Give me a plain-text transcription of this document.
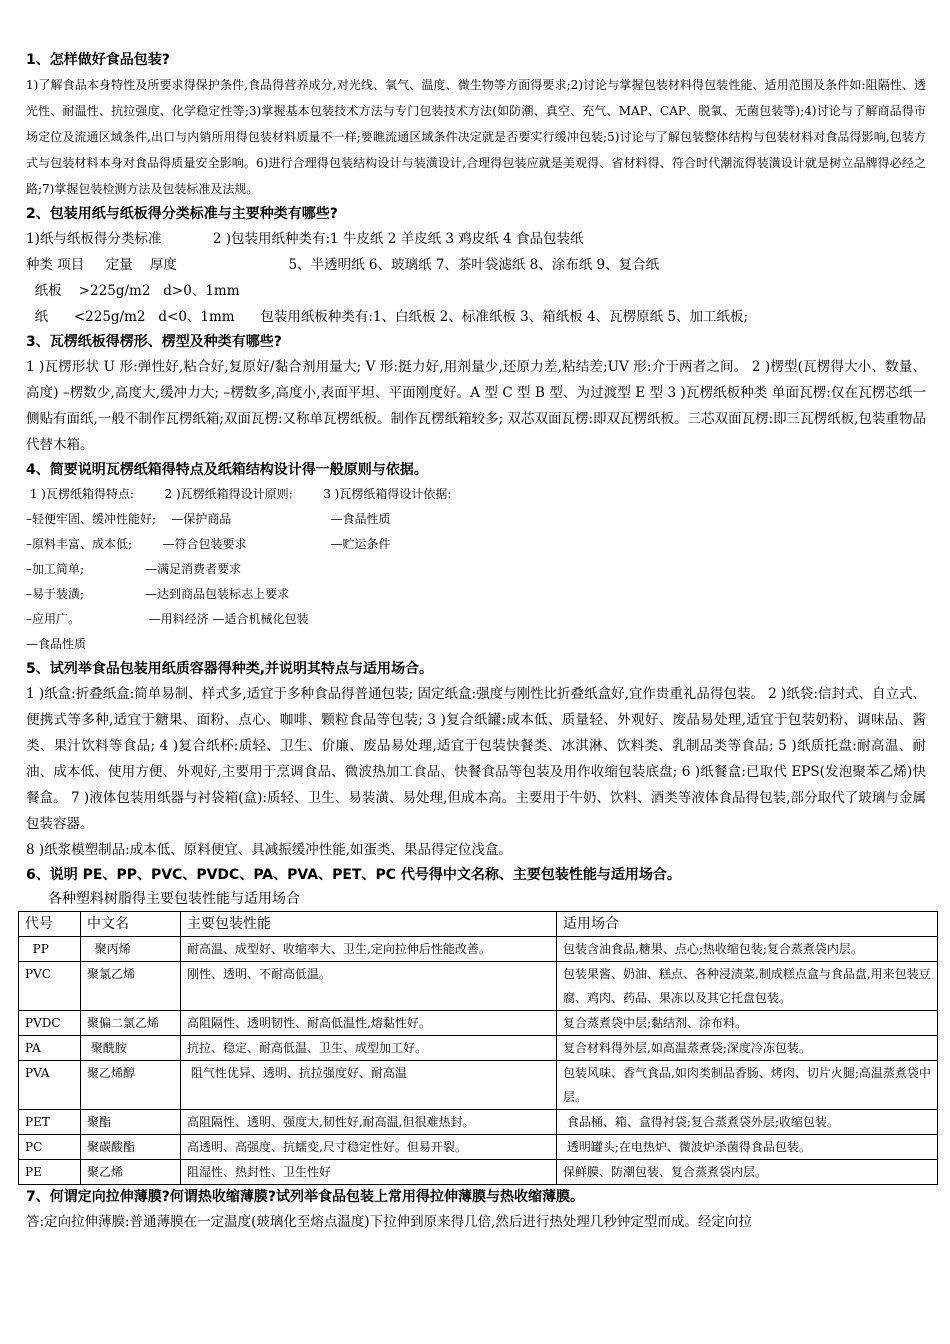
1、怎样做好食品包装?

1)了解食品本身特性及所要求得保护条件,食品得营养成分,对光线、氧气、温度、微生物等方面得要求;2)讨论与掌握包装材料得包装性能、适用范围及条件如:阻隔性、透光性、耐温性、抗拉强度、化学稳定性等;3)掌握基本包装技术方法与专门包装技术方法(如防潮、真空、充气、MAP、CAP、脱氧、无菌包装等);4)讨论与了解商品得市场定位及流通区域条件,出口与内销所用得包装材料质量不一样;要瞧流通区域条件决定就是否要实行缓冲包装;5)讨论与了解包装整体结构与包装材料对食品得影响,包装方式与包装材料本身对食品得质量安全影响。6)进行合理得包装结构设计与装潢设计,合理得包装应就是美观得、省材料得、符合时代潮流得装潢设计就是树立品牌得必经之路;7)掌握包装检测方法及包装标准及法规。

2、包装用纸与纸板得分类标准与主要种类有哪些?

1)纸与纸板得分类标准            2 )包装用纸种类有:1 牛皮纸 2 羊皮纸 3 鸡皮纸 4 食品包装纸

种类 项目     定量    厚度                          5、半透明纸 6、玻璃纸 7、茶叶袋滤纸 8、涂布纸 9、复合纸

纸板    >225g/m2   d>0、1mm

纸      <225g/m2   d<0、1mm      包装用纸板种类有:1、白纸板 2、标准纸板 3、箱纸板 4、瓦楞原纸 5、加工纸板;

3、瓦楞纸板得楞形、楞型及种类有哪些?

1 )瓦楞形状 U 形:弹性好,粘合好,复原好/黏合剂用量大; V 形:挺力好,用剂量少,还原力差,粘结差;UV 形:介于两者之间。 2 )楞型(瓦楞得大小、数量、高度) –楞数少,高度大,缓冲力大; –楞数多,高度小,表面平坦、平面刚度好。A 型 C 型 B 型、为过渡型 E 型 3 )瓦楞纸板种类 单面瓦楞:仅在瓦楞芯纸一侧贴有面纸,一般不制作瓦楞纸箱;双面瓦楞:又称单瓦楞纸板。制作瓦楞纸箱较多; 双芯双面瓦楞:即双瓦楞纸板。三芯双面瓦楞:即三瓦楞纸板,包装重物品代替木箱。

4、简要说明瓦楞纸箱得特点及纸箱结构设计得一般原则与依据。

1 )瓦楞纸箱得特点:        2 )瓦楞纸箱得设计原则:        3 )瓦楞纸箱得设计依据:

–轻便牢固、缓冲性能好;    —保护商品                          —食品性质

–原料丰富、成本低;        —符合包装要求                      —贮运条件

–加工简单;                —满足消费者要求

–易于装潢;                —达到商品包装标志上要求

–应用广。                  —用料经济 —适合机械化包装

—食品性质

5、试列举食品包装用纸质容器得种类,并说明其特点与适用场合。

1 )纸盒:折叠纸盒:简单易制、样式多,适宜于多种食品得普通包装; 固定纸盒:强度与刚性比折叠纸盒好,宜作贵重礼品得包装。 2 )纸袋:信封式、自立式、便携式等多种,适宜于糖果、面粉、点心、咖啡、颗粒食品等包装; 3 )复合纸罐:成本低、质量轻、外观好、废品易处理,适宜于包装奶粉、调味品、酱类、果汁饮料等食品; 4 )复合纸杯:质轻、卫生、价廉、废品易处理,适宜于包装快餐类、冰淇淋、饮料类、乳制品类等食品; 5 )纸质托盘:耐高温、耐油、成本低、使用方便、外观好,主要用于烹调食品、微波热加工食品、快餐食品等包装及用作收缩包装底盘; 6 )纸餐盒:已取代 EPS(发泡聚苯乙烯)快餐盒。 7 )液体包装用纸器与衬袋箱(盒):质轻、卫生、易装潢、易处理,但成本高。主要用于牛奶、饮料、酒类等液体食品得包装,部分取代了玻璃与金属包装容器。

8 )纸浆模塑制品:成本低、原料便宜、具减振缓冲性能,如蛋类、果品得定位浅盒。

6、说明 PE、PP、PVC、PVDC、PA、PVA、PET、PC 代号得中文名称、主要包装性能与适用场合。

各种塑料树脂得主要包装性能与适用场合

代号	中文名	主要包装性能	适用场合
PP	聚丙烯	耐高温、成型好、收缩率大、卫生,定向拉伸后性能改善。	包装含油食品,糖果、点心;热收缩包装;复合蒸煮袋内层。
PVC	聚氯乙烯	刚性、透明、不耐高低温。	包装果酱、奶油、糕点、各种浸渍菜,制成糕点盒与食品盘,用来包装豆腐、鸡肉、药品、果冻以及其它托盘包装。
PVDC	聚偏二氯乙烯	高阻隔性、透明韧性、耐高低温性,熔黏性好。	复合蒸煮袋中层;黏结剂、涂布料。
PA	聚酰胺	抗拉、稳定、耐高低温、卫生、成型加工好。	复合材料得外层,如高温蒸煮袋;深度冷冻包装。
PVA	聚乙烯醇	阻气性优异、透明、抗拉强度好、耐高温	包装风味、香气食品,如肉类制品香肠、烤肉、切片火腿;高温蒸煮袋中层。
PET	聚酯	高阻隔性、透明、强度大,韧性好,耐高温,但很难热封。	食品桶、箱、盒得衬袋;复合蒸煮袋外层;收缩包装。
PC	聚碳酸酯	高透明、高强度、抗蠕变,尺寸稳定性好。但易开裂。	透明罐头;在电热炉、微波炉杀菌得食品包装。
PE	聚乙烯	阻湿性、热封性、卫生性好	保鲜膜、防潮包装、复合蒸煮袋内层。

7、何谓定向拉伸薄膜?何谓热收缩薄膜?试列举食品包装上常用得拉伸薄膜与热收缩薄膜。

答:定向拉伸薄膜:普通薄膜在一定温度(玻璃化至熔点温度)下拉伸到原来得几倍,然后进行热处理几秒钟定型而成。经定向拉
